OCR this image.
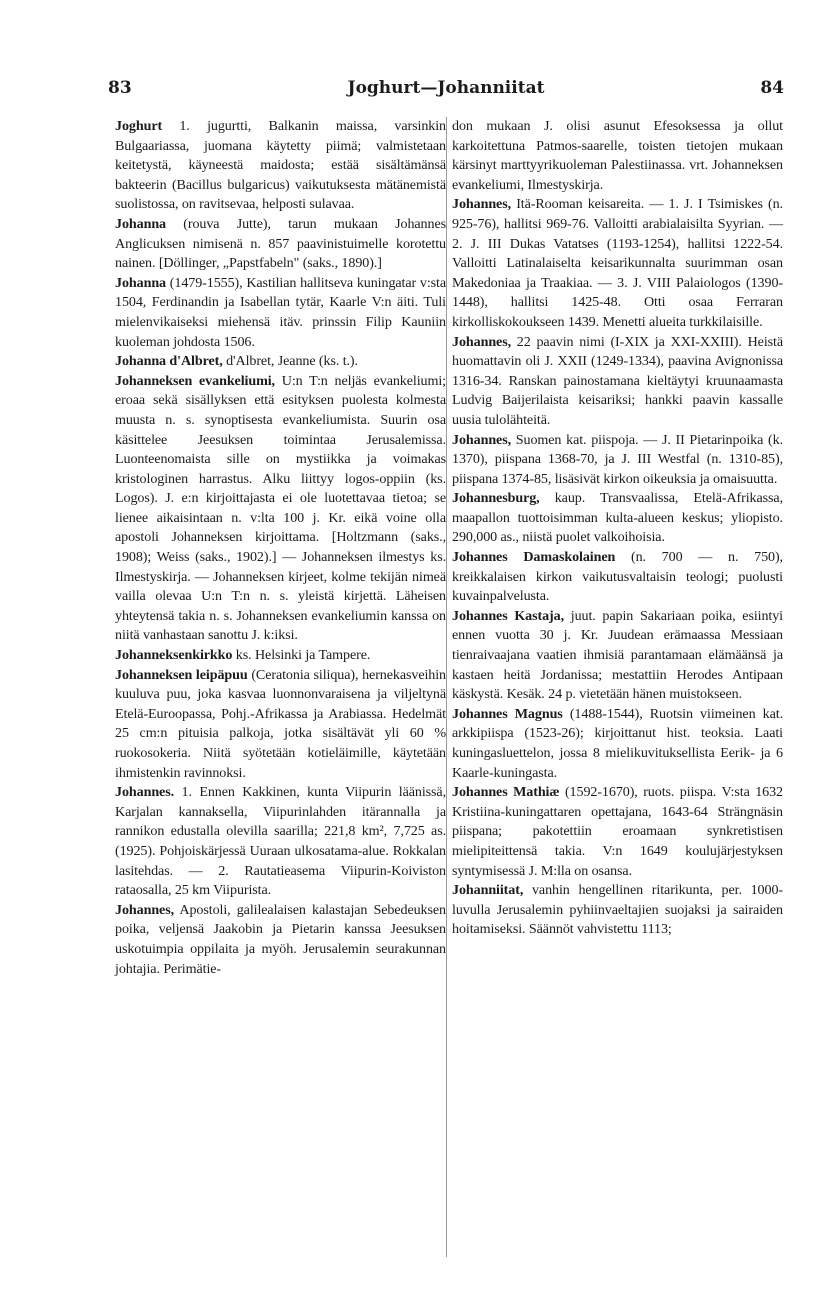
83	Joghurt—Johanniitat	84

Joghurt 1. jugurtti, Balkanin maissa, varsinkin Bulgaariassa, juomana käytetty piimä; valmistetaan keitetystä, käyneestä maidosta; estää sisältämänsä bakteerin (Bacillus bulgaricus) vaikutuksesta mätänemistä suolistossa, on ravitsevaa, helposti sulavaa.

Johanna (rouva Jutte), tarun mukaan Johannes Anglicuksen nimisenä n. 857 paavinistuimelle korotettu nainen. [Döllinger, „Papstfabeln" (saks., 1890).]

Johanna (1479-1555), Kastilian hallitseva kuningatar v:sta 1504, Ferdinandin ja Isabellan tytär, Kaarle V:n äiti. Tuli mielenvikaiseksi miehensä itäv. prinssin Filip Kauniin kuoleman johdosta 1506.

Johanna d'Albret, d'Albret, Jeanne (ks. t.).

Johanneksen evankeliumi, U:n T:n neljäs evankeliumi; eroaa sekä sisällyksen että esityksen puolesta kolmesta muusta n. s. synoptisesta evankeliumista. Suurin osa käsittelee Jeesuksen toimintaa Jerusalemissa. Luonteenomaista sille on mystiikka ja voimakas kristologinen harrastus. Alku liittyy logos-oppiin (ks. Logos). J. e:n kirjoittajasta ei ole luotettavaa tietoa; se lienee aikaisintaan n. v:lta 100 j. Kr. eikä voine olla apostoli Johanneksen kirjoittama. [Holtzmann (saks., 1908); Weiss (saks., 1902).] — Johanneksen ilmestys ks. Ilmestyskirja. — Johanneksen kirjeet, kolme tekijän nimeä vailla olevaa U:n T:n n. s. yleistä kirjettä. Läheisen yhteytensä takia n. s. Johanneksen evankeliumin kanssa on niitä vanhastaan sanottu J. k:iksi.

Johanneksenkirkko ks. Helsinki ja Tampere.

Johanneksen leipäpuu (Ceratonia siliqua), hernekasveihin kuuluva puu, joka kasvaa luonnonvaraisena ja viljeltynä Etelä-Euroopassa, Pohj.-Afrikassa ja Arabiassa. Hedelmät 25 cm:n pituisia palkoja, jotka sisältävät yli 60 % ruokosokeria. Niitä syötetään kotieläimille, käytetään ihmistenkin ravinnoksi.

Johannes. 1. Ennen Kakkinen, kunta Viipurin läänissä, Karjalan kannaksella, Viipurinlahden itärannalla ja rannikon edustalla olevilla saarilla; 221,8 km², 7,725 as. (1925). Pohjoiskärjessä Uuraan ulkosatama-alue. Rokkalan lasitehdas. — 2. Rautatieasema Viipurin-Koiviston rataosalla, 25 km Viipurista.

Johannes, Apostoli, galilealaisen kalastajan Sebedeuksen poika, veljensä Jaakobin ja Pietarin kanssa Jeesuksen uskotuimpia oppilaita ja myöh. Jerusalemin seurakunnan johtajia. Perimätie-

don mukaan J. olisi asunut Efesoksessa ja ollut karkoitettuna Patmos-saarelle, toisten tietojen mukaan kärsinyt marttyyrikuoleman Palestiinassa. vrt. Johanneksen evankeliumi, Ilmestyskirja.

Johannes, Itä-Rooman keisareita. — 1. J. I Tsimiskes (n. 925-76), hallitsi 969-76. Valloitti arabialaisilta Syyrian. — 2. J. III Dukas Vatatses (1193-1254), hallitsi 1222-54. Valloitti Latinalaiselta keisarikunnalta suurimman osan Makedoniaa ja Traakiaa. — 3. J. VIII Palaiologos (1390-1448), hallitsi 1425-48. Otti osaa Ferraran kirkolliskokoukseen 1439. Menetti alueita turkkilaisille.

Johannes, 22 paavin nimi (I-XIX ja XXI-XXIII). Heistä huomattavin oli J. XXII (1249-1334), paavina Avignonissa 1316-34. Ranskan painostamana kieltäytyi kruunaamasta Ludvig Baijerilaista keisariksi; hankki paavin kassalle uusia tulolähteitä.

Johannes, Suomen kat. piispoja. — J. II Pietarinpoika (k. 1370), piispana 1368-70, ja J. III Westfal (n. 1310-85), piispana 1374-85, lisäsivät kirkon oikeuksia ja omaisuutta.

Johannesburg, kaup. Transvaalissa, Etelä-Afrikassa, maapallon tuottoisimman kulta-alueen keskus; yliopisto. 290,000 as., niistä puolet valkoihoisia.

Johannes Damaskolainen (n. 700 — n. 750), kreikkalaisen kirkon vaikutusvaltaisin teologi; puolusti kuvainpalvelusta.

Johannes Kastaja, juut. papin Sakariaan poika, esiintyi ennen vuotta 30 j. Kr. Juudean erämaassa Messiaan tienraivaajana vaatien ihmisiä parantamaan elämäänsä ja kastaen heitä Jordanissa; mestattiin Herodes Antipaan käskystä. Kesäk. 24 p. vietetään hänen muistokseen.

Johannes Magnus (1488-1544), Ruotsin viimeinen kat. arkkipiispa (1523-26); kirjoittanut hist. teoksia. Laati kuningasluettelon, jossa 8 mielikuvituksellista Eerik- ja 6 Kaarle-kuningasta.

Johannes Mathiæ (1592-1670), ruots. piispa. V:sta 1632 Kristiina-kuningattaren opettajana, 1643-64 Strängnäsin piispana; pakotettiin eroamaan synkretistisen mielipiteittensä takia. V:n 1649 koulujärjestyksen syntymisessä J. M:lla on osansa.

Johanniitat, vanhin hengellinen ritarikunta, per. 1000-luvulla Jerusalemin pyhiinvaeltajien suojaksi ja sairaiden hoitamiseksi. Säännöt vahvistettu 1113;
